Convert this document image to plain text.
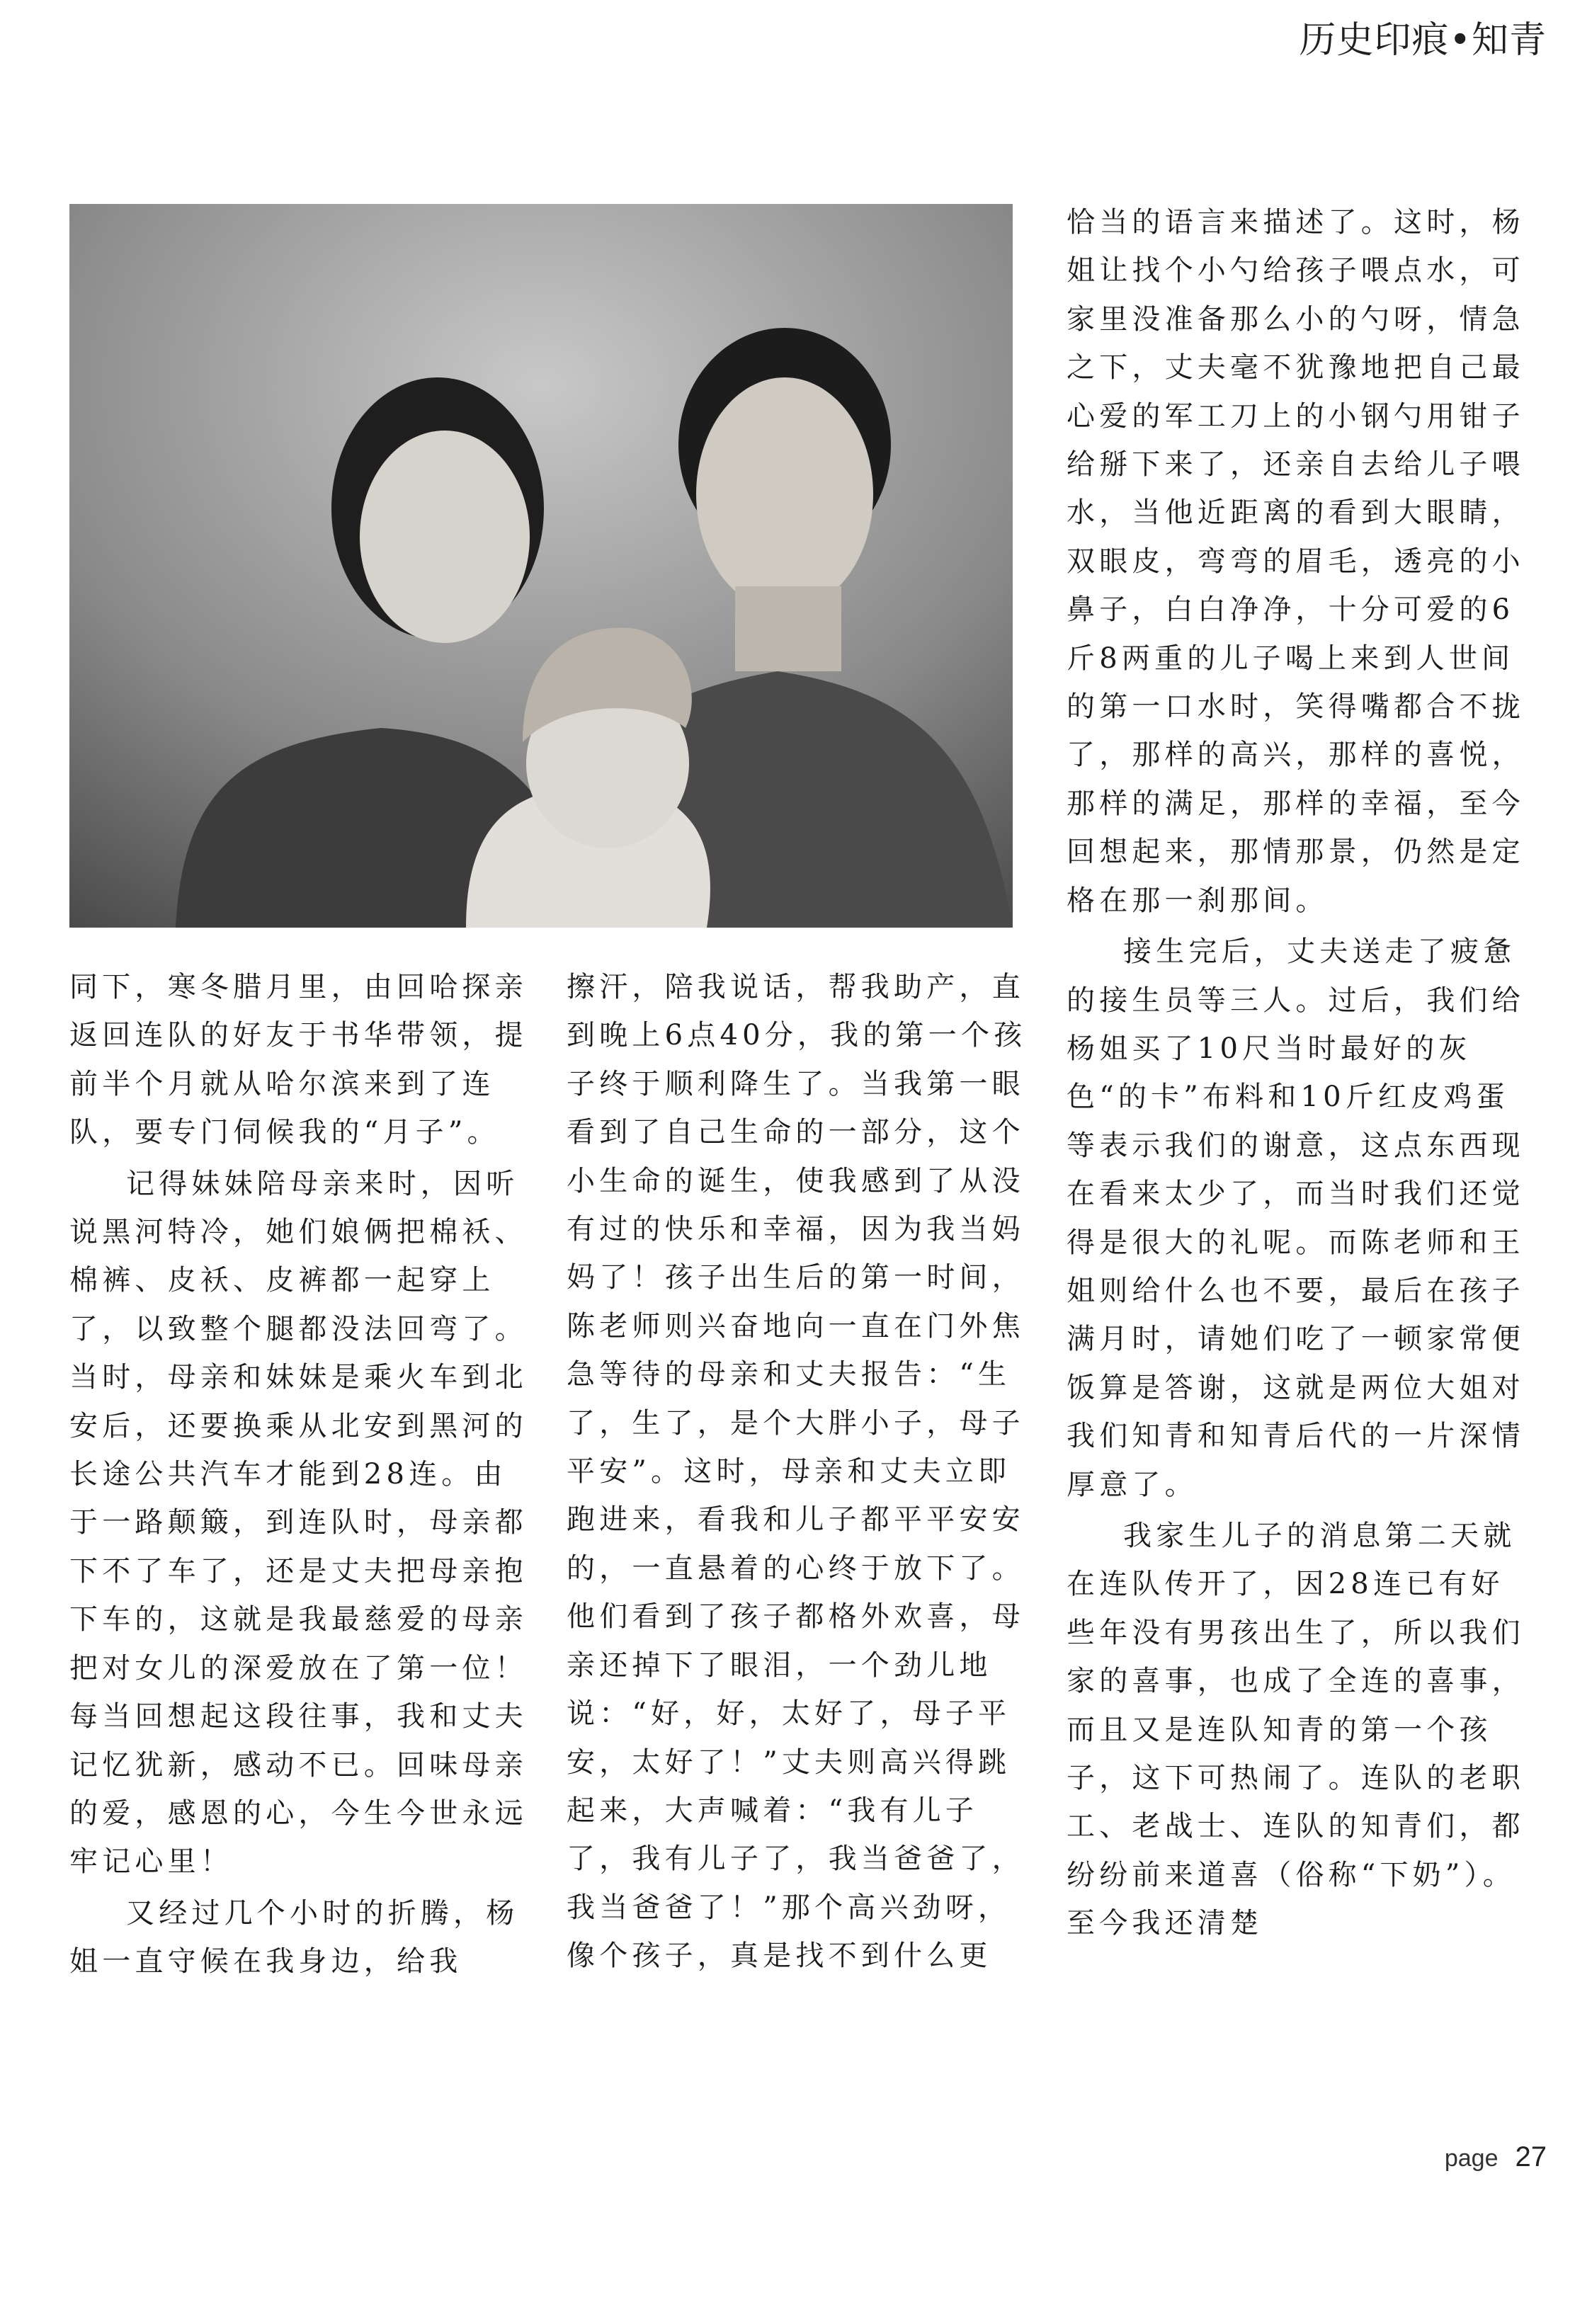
历史印痕•知青

同下，寒冬腊月里，由回哈探亲返回连队的好友于书华带领，提前半个月就从哈尔滨来到了连队，要专门伺候我的“月子”。

记得妹妹陪母亲来时，因听说黑河特冷，她们娘俩把棉袄、棉裤、皮袄、皮裤都一起穿上了，以致整个腿都没法回弯了。当时，母亲和妹妹是乘火车到北安后，还要换乘从北安到黑河的长途公共汽车才能到28连。由于一路颠簸，到连队时，母亲都下不了车了，还是丈夫把母亲抱下车的，这就是我最慈爱的母亲把对女儿的深爱放在了第一位！每当回想起这段往事，我和丈夫记忆犹新，感动不已。回味母亲的爱，感恩的心，今生今世永远牢记心里！

又经过几个小时的折腾，杨姐一直守候在我身边，给我

擦汗，陪我说话，帮我助产，直到晚上6点40分，我的第一个孩子终于顺利降生了。当我第一眼看到了自己生命的一部分，这个小生命的诞生，使我感到了从没有过的快乐和幸福，因为我当妈妈了！孩子出生后的第一时间，陈老师则兴奋地向一直在门外焦急等待的母亲和丈夫报告：“生了，生了，是个大胖小子，母子平安”。这时，母亲和丈夫立即跑进来，看我和儿子都平平安安的，一直悬着的心终于放下了。他们看到了孩子都格外欢喜，母亲还掉下了眼泪，一个劲儿地说：“好，好，太好了，母子平安，太好了！”丈夫则高兴得跳起来，大声喊着：“我有儿子了，我有儿子了，我当爸爸了，我当爸爸了！”那个高兴劲呀，像个孩子，真是找不到什么更

恰当的语言来描述了。这时，杨姐让找个小勺给孩子喂点水，可家里没准备那么小的勺呀，情急之下，丈夫毫不犹豫地把自己最心爱的军工刀上的小钢勺用钳子给掰下来了，还亲自去给儿子喂水，当他近距离的看到大眼睛，双眼皮，弯弯的眉毛，透亮的小鼻子，白白净净，十分可爱的6斤8两重的儿子喝上来到人世间的第一口水时，笑得嘴都合不拢了，那样的高兴，那样的喜悦，那样的满足，那样的幸福，至今回想起来，那情那景，仍然是定格在那一刹那间。

接生完后，丈夫送走了疲惫的接生员等三人。过后，我们给杨姐买了10尺当时最好的灰色“的卡”布料和10斤红皮鸡蛋等表示我们的谢意，这点东西现在看来太少了，而当时我们还觉得是很大的礼呢。而陈老师和王姐则给什么也不要，最后在孩子满月时，请她们吃了一顿家常便饭算是答谢，这就是两位大姐对我们知青和知青后代的一片深情厚意了。

我家生儿子的消息第二天就在连队传开了，因28连已有好些年没有男孩出生了，所以我们家的喜事，也成了全连的喜事，而且又是连队知青的第一个孩子，这下可热闹了。连队的老职工、老战士、连队的知青们，都纷纷前来道喜（俗称“下奶”）。至今我还清楚

page 27
